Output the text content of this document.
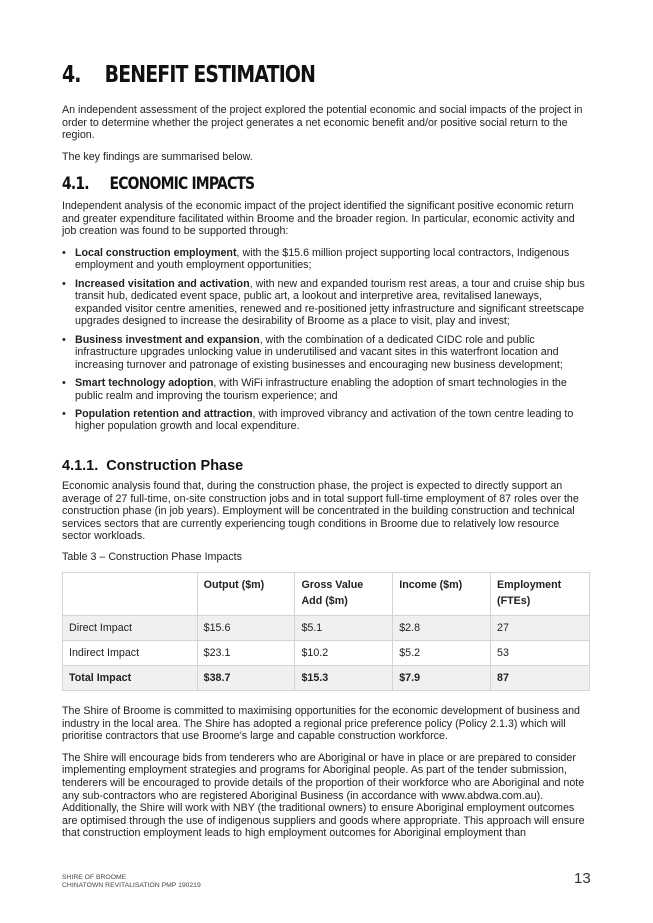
4. BENEFIT ESTIMATION

An independent assessment of the project explored the potential economic and social impacts of the project in order to determine whether the project generates a net economic benefit and/or positive social return to the region.

The key findings are summarised below.

4.1. ECONOMIC IMPACTS

Independent analysis of the economic impact of the project identified the significant positive economic return and greater expenditure facilitated within Broome and the broader region. In particular, economic activity and job creation was found to be supported through:

• Local construction employment, with the $15.6 million project supporting local contractors, Indigenous employment and youth employment opportunities;
• Increased visitation and activation, with new and expanded tourism rest areas, a tour and cruise ship bus transit hub, dedicated event space, public art, a lookout and interpretive area, revitalised laneways, expanded visitor centre amenities, renewed and re-positioned jetty infrastructure and significant streetscape upgrades designed to increase the desirability of Broome as a place to visit, play and invest;
• Business investment and expansion, with the combination of a dedicated CIDC role and public infrastructure upgrades unlocking value in underutilised and vacant sites in this waterfront location and increasing turnover and patronage of existing businesses and encouraging new business development;
• Smart technology adoption, with WiFi infrastructure enabling the adoption of smart technologies in the public realm and improving the tourism experience; and
• Population retention and attraction, with improved vibrancy and activation of the town centre leading to higher population growth and local expenditure.
4.1.1. Construction Phase

Economic analysis found that, during the construction phase, the project is expected to directly support an average of 27 full-time, on-site construction jobs and in total support full-time employment of 87 roles over the construction phase (in job years). Employment will be concentrated in the building construction and technical services sectors that are currently experiencing tough conditions in Broome due to relatively low resource sector workloads.

Table 3 – Construction Phase Impacts

	Output ($m)	Gross Value Add ($m)	Income ($m)	Employment (FTEs)
Direct Impact	$15.6	$5.1	$2.8	27
Indirect Impact	$23.1	$10.2	$5.2	53
Total Impact	$38.7	$15.3	$7.9	87

The Shire of Broome is committed to maximising opportunities for the economic development of business and industry in the local area. The Shire has adopted a regional price preference policy (Policy 2.1.3) which will prioritise contractors that use Broome’s large and capable construction workforce.

The Shire will encourage bids from tenderers who are Aboriginal or have in place or are prepared to consider implementing employment strategies and programs for Aboriginal people. As part of the tender submission, tenderers will be encouraged to provide details of the proportion of their workforce who are Aboriginal and note any sub-contractors who are registered Aboriginal Business (in accordance with www.abdwa.com.au). Additionally, the Shire will work with NBY (the traditional owners) to ensure Aboriginal employment outcomes are optimised through the use of indigenous suppliers and goods where appropriate. This approach will ensure that construction employment leads to high employment outcomes for Aboriginal employment than

SHIRE OF BROOME
CHINATOWN REVITALISATION PMP 190219	13
